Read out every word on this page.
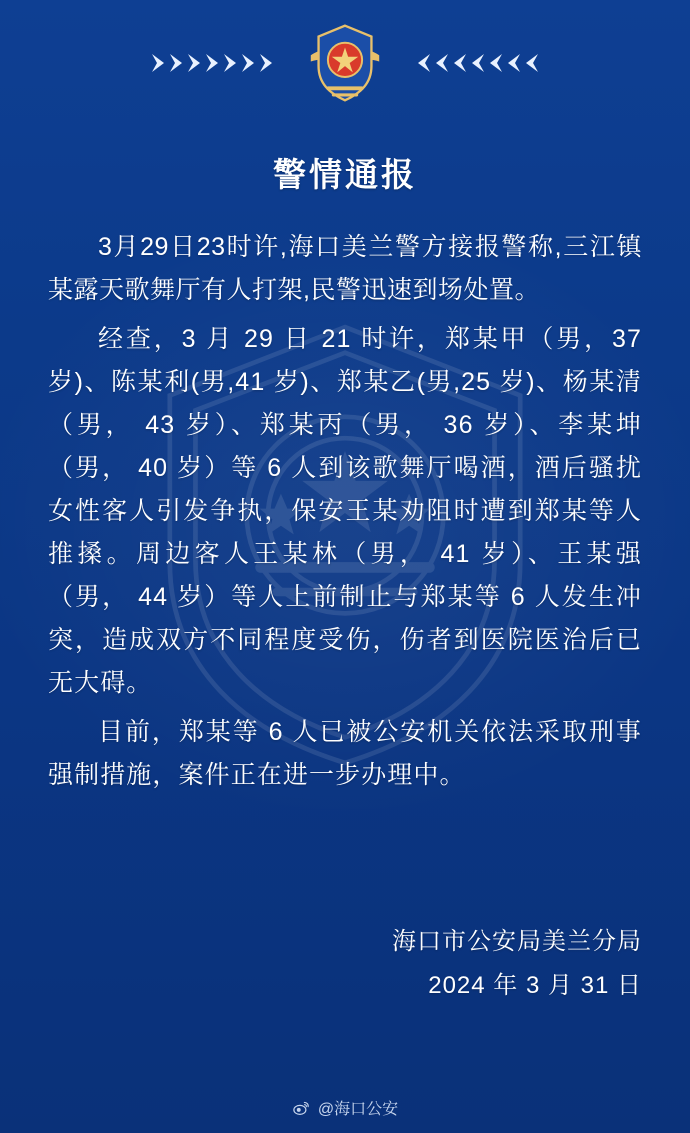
警情通报

3月29日23时许,海口美兰警方接报警称,三江镇某露天歌舞厅有人打架,民警迅速到场处置。

经查，3 月 29 日 21 时许，郑某甲（男，37 岁)、陈某利(男,41 岁)、郑某乙(男,25 岁)、杨某清（男， 43 岁）、郑某丙（男， 36 岁）、李某坤（男， 40 岁）等 6 人到该歌舞厅喝酒，酒后骚扰女性客人引发争执，保安王某劝阻时遭到郑某等人推搡。周边客人王某林（男， 41 岁）、王某强（男， 44 岁）等人上前制止与郑某等 6 人发生冲突，造成双方不同程度受伤，伤者到医院医治后已无大碍。

目前，郑某等 6 人已被公安机关依法采取刑事强制措施，案件正在进一步办理中。

海口市公安局美兰分局
2024 年 3 月 31 日
@海口公安
